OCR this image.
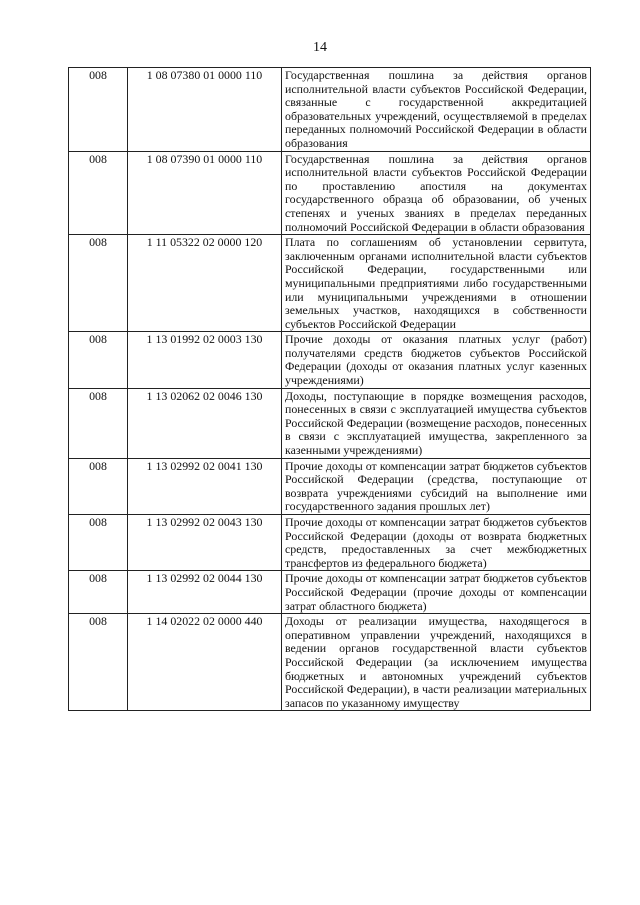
14
008	1 08 07380 01 0000 110	Государственная пошлина за действия органов исполнительной власти субъектов Российской Федерации, связанные с государственной аккредитацией образовательных учреждений, осуществляемой в пределах переданных полномочий Российской Федерации в области образования
008	1 08 07390 01 0000 110	Государственная пошлина за действия органов исполнительной власти субъектов Российской Федерации по проставлению апостиля на документах государственного образца об образовании, об ученых степенях и ученых званиях в пределах переданных полномочий Российской Федерации в области образования
008	1 11 05322 02 0000 120	Плата по соглашениям об установлении сервитута, заключенным органами исполнительной власти субъектов Российской Федерации, государственными или муниципальными предприятиями либо государственными или муниципальными учреждениями в отношении земельных участков, находящихся в собственности субъектов Российской Федерации
008	1 13 01992 02 0003 130	Прочие доходы от оказания платных услуг (работ) получателями средств бюджетов субъектов Российской Федерации (доходы от оказания платных услуг казенных учреждениями)
008	1 13 02062 02 0046 130	Доходы, поступающие в порядке возмещения расходов, понесенных в связи с эксплуатацией имущества субъектов Российской Федерации (возмещение расходов, понесенных в связи с эксплуатацией имущества, закрепленного за казенными учреждениями)
008	1 13 02992 02 0041 130	Прочие доходы от компенсации затрат бюджетов субъектов Российской Федерации (средства, поступающие от возврата учреждениями субсидий на выполнение ими государственного задания прошлых лет)
008	1 13 02992 02 0043 130	Прочие доходы от компенсации затрат бюджетов субъектов Российской Федерации (доходы от возврата бюджетных средств, предоставленных за счет межбюджетных трансфертов из федерального бюджета)
008	1 13 02992 02 0044 130	Прочие доходы от компенсации затрат бюджетов субъектов Российской Федерации (прочие доходы от компенсации затрат областного бюджета)
008	1 14 02022 02 0000 440	Доходы от реализации имущества, находящегося в оперативном управлении учреждений, находящихся в ведении органов государственной власти субъектов Российской Федерации (за исключением имущества бюджетных и автономных учреждений субъектов Российской Федерации), в части реализации материальных запасов по указанному имуществу
